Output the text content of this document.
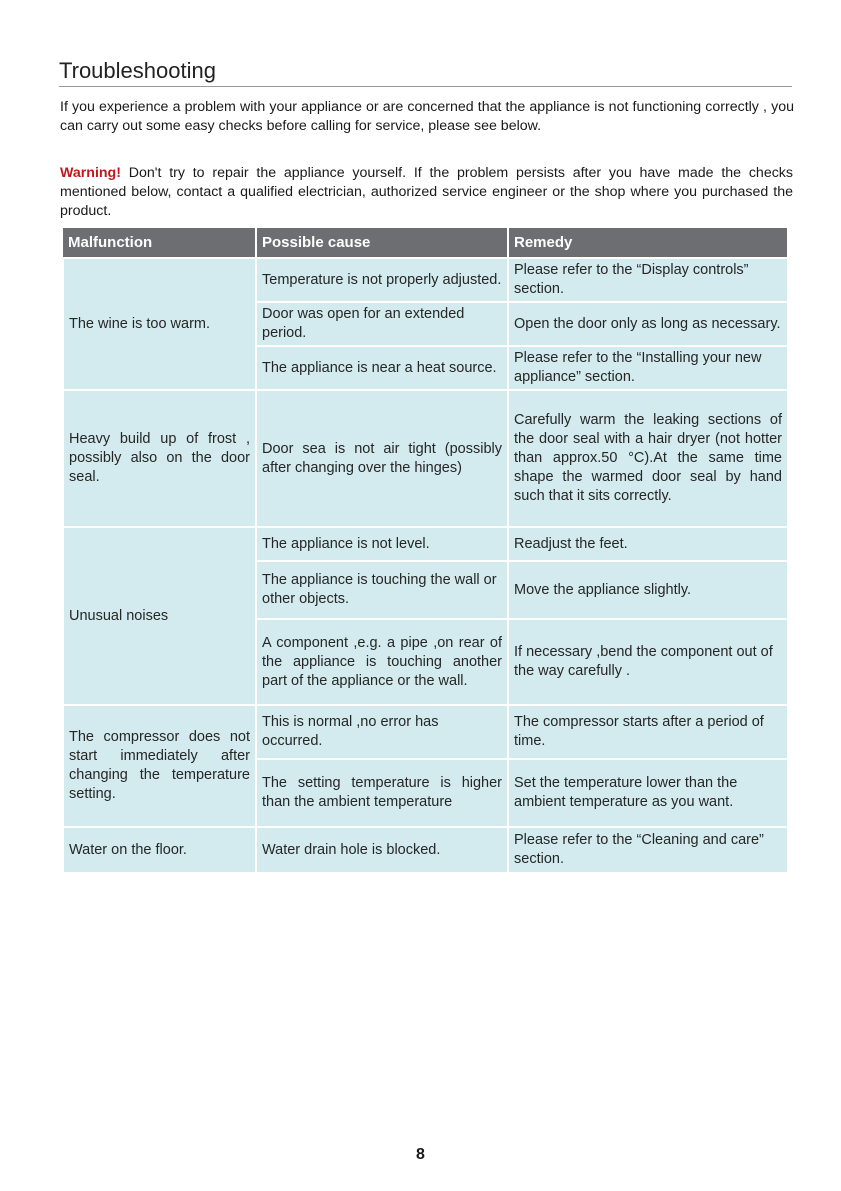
Troubleshooting

If you experience a problem with your appliance or are concerned that the appliance is not functioning correctly , you can carry out some easy checks before calling for service, please see below.

Warning! Don't try to repair the appliance yourself. If the problem persists after you have made the checks mentioned below, contact a qualified electrician, authorized service engineer or the shop where you purchased the product.

Malfunction	Possible cause	Remedy
The wine is too warm.	Temperature is not properly adjusted.	Please refer to the “Display controls” section.
	Door was open for an extended period.	Open the door only as long as necessary.
	The appliance is near a heat source.	Please refer to the “Installing your new appliance” section.
Heavy build up of frost , possibly also on the door seal.	Door sea is not air tight (possibly after changing over the hinges)	Carefully warm the leaking sections of the door seal with a hair dryer (not hotter than approx.50 °C).At the same time shape the warmed door seal by hand such that it sits correctly.
Unusual noises	The appliance is not level.	Readjust the feet.
	The appliance is touching the wall or other objects.	Move the appliance slightly.
	A component ,e.g. a pipe ,on rear of the appliance is touching another part of the appliance or the wall.	If necessary ,bend the component out of the way carefully .
The compressor does not start immediately after changing the temperature setting.	This is normal ,no error has occurred.	The compressor starts after a period of time.
	The setting temperature is higher than the ambient temperature	Set the temperature lower than the ambient temperature as you want.
Water on the floor.	Water drain hole is blocked.	Please refer to the “Cleaning and care” section.
8
